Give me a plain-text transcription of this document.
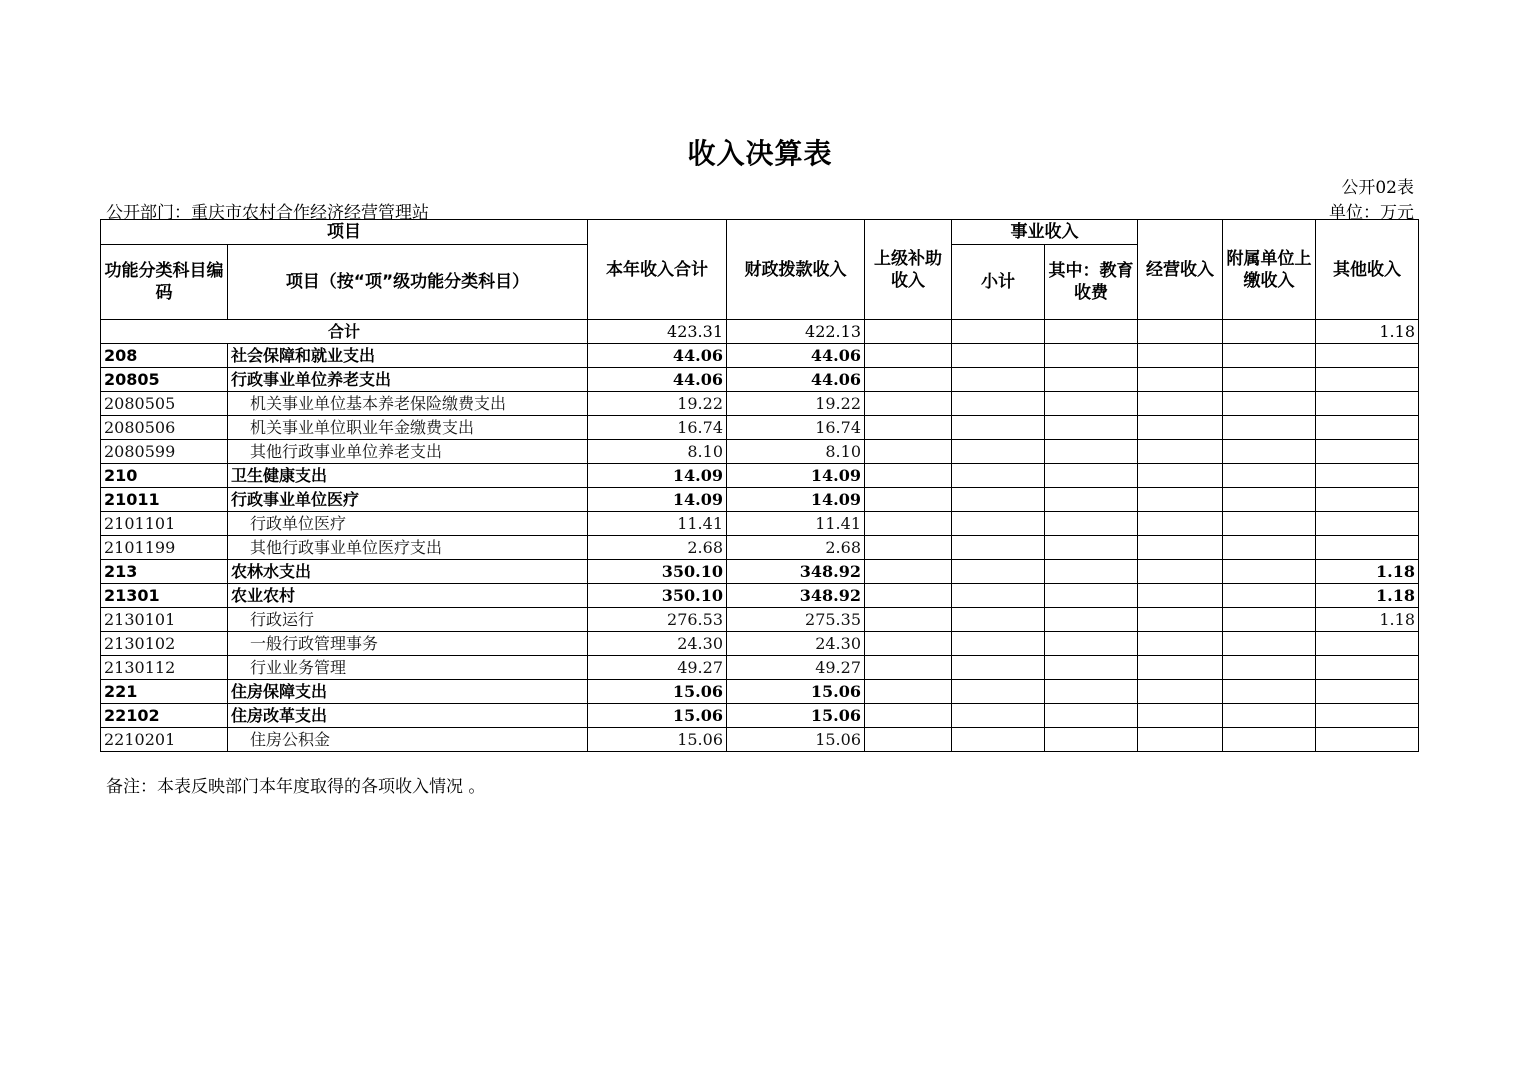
收入决算表
公开02表
公开部门：重庆市农村合作经济经营管理站	单位：万元
项目		本年收入合计	财政拨款收入	上级补助收入	事业收入		经营收入	附属单位上缴收入	其他收入
功能分类科目编码	项目（按“项”级功能分类科目）				小计	其中：教育收费			

合计		423.31	422.13						1.18
208	社会保障和就业支出	44.06	44.06						
20805	行政事业单位养老支出	44.06	44.06						
2080505	机关事业单位基本养老保险缴费支出	19.22	19.22						
2080506	机关事业单位职业年金缴费支出	16.74	16.74						
2080599	其他行政事业单位养老支出	8.10	8.10						
210	卫生健康支出	14.09	14.09						
21011	行政事业单位医疗	14.09	14.09						
2101101	行政单位医疗	11.41	11.41						
2101199	其他行政事业单位医疗支出	2.68	2.68						
213	农林水支出	350.10	348.92						1.18
21301	农业农村	350.10	348.92						1.18
2130101	行政运行	276.53	275.35						1.18
2130102	一般行政管理事务	24.30	24.30						
2130112	行业业务管理	49.27	49.27						
221	住房保障支出	15.06	15.06						
22102	住房改革支出	15.06	15.06						
2210201	住房公积金	15.06	15.06						
备注：本表反映部门本年度取得的各项收入情况 。
